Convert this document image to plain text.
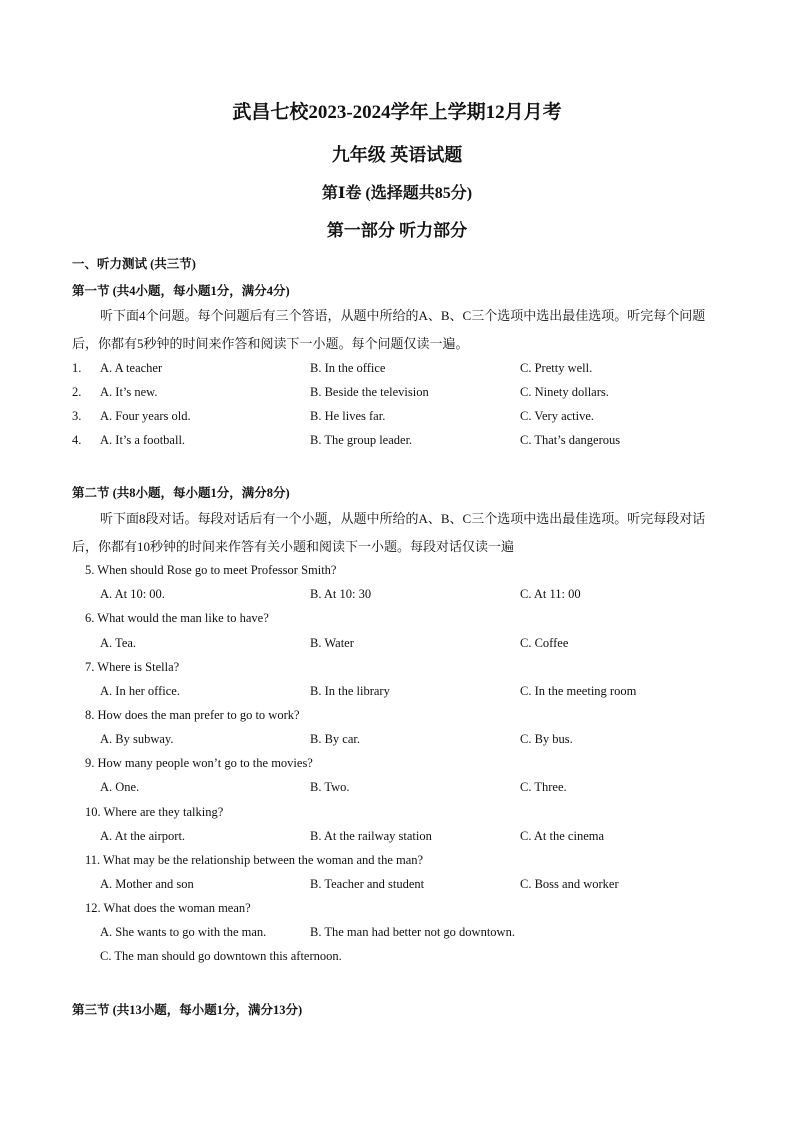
武昌七校2023-2024学年上学期12月月考
九年级 英语试题
第Ⅰ卷 (选择题共85分)
第一部分 听力部分
一、听力测试 (共三节)
第一节 (共4小题，每小题1分，满分4分)
听下面4个问题。每个问题后有三个答语，从题中所给的A、B、C三个选项中选出最佳选项。听完每个问题后，你都有5秒钟的时间来作答和阅读下一小题。每个问题仅读一遍。
1. A. A teacher	B. In the office	C. Pretty well.
2. A. It’s new.	B. Beside the television	C. Ninety dollars.
3. A. Four years old.	B. He lives far.	C. Very active.
4. A. It’s a football.	B. The group leader.	C. That’s dangerous
第二节 (共8小题，每小题1分，满分8分)
听下面8段对话。每段对话后有一个小题，从题中所给的A、B、C三个选项中选出最佳选项。听完每段对话后，你都有10秒钟的时间来作答有关小题和阅读下一小题。每段对话仅读一遍
5. When should Rose go to meet Professor Smith?
A. At 10: 00.	B. At 10: 30	C. At 11: 00
6. What would the man like to have?
A. Tea.	B. Water	C. Coffee
7. Where is Stella?
A. In her office.	B. In the library	C. In the meeting room
8. How does the man prefer to go to work?
A. By subway.	B. By car.	C. By bus.
9. How many people won’t go to the movies?
A. One.	B. Two.	C. Three.
10. Where are they talking?
A. At the airport.	B. At the railway station	C. At the cinema
11. What may be the relationship between the woman and the man?
A. Mother and son	B. Teacher and student	C. Boss and worker
12. What does the woman mean?
A. She wants to go with the man.	B. The man had better not go downtown.
C. The man should go downtown this afternoon.
第三节 (共13小题，每小题1分，满分13分)
